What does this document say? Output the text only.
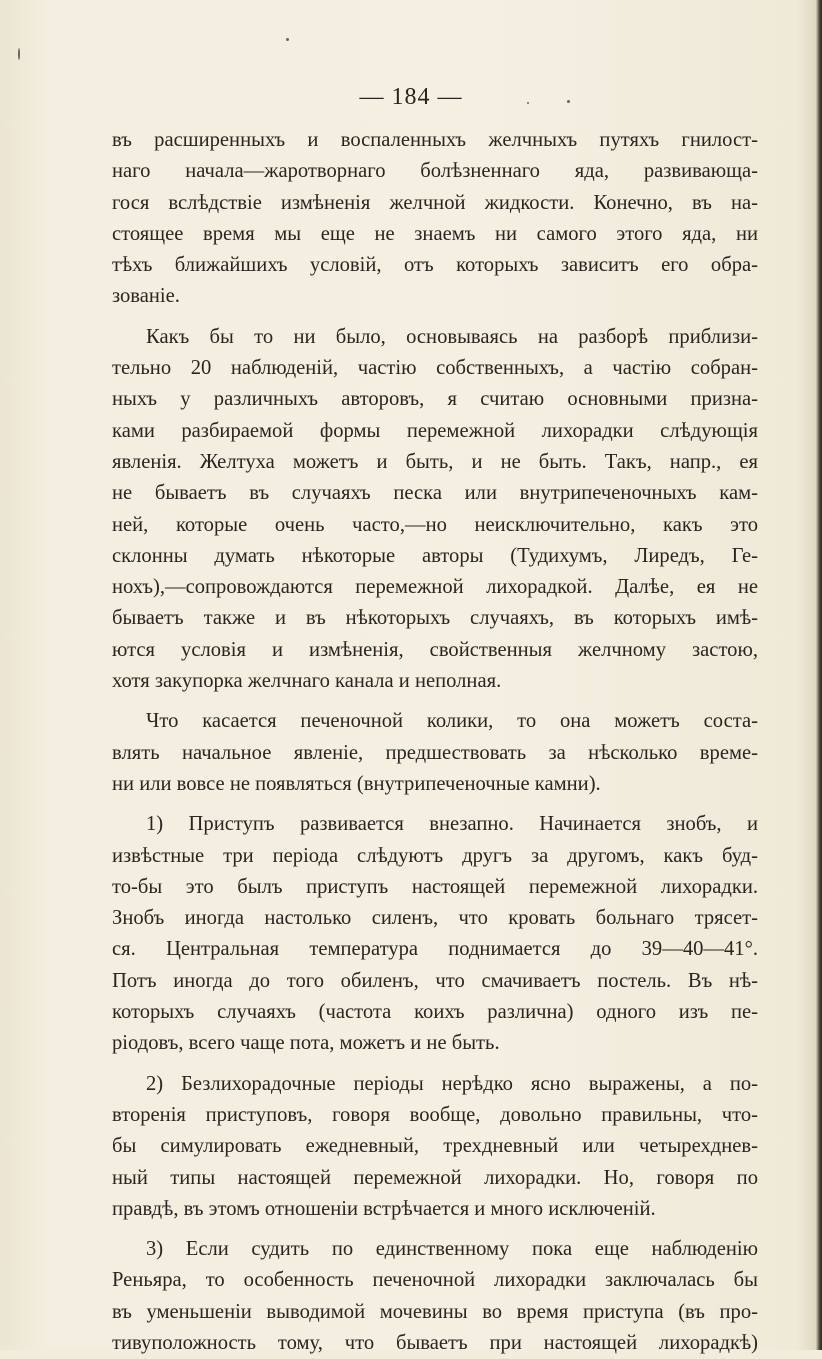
— 184 —
въ расширенныхъ и воспаленныхъ желчныхъ путяхъ гнилост-
наго начала—жаротворнаго болѣзненнаго яда, развивающа-
гося вслѣдствіе измѣненія желчной жидкости. Конечно, въ на-
стоящее время мы еще не знаемъ ни самого этого яда, ни
тѣхъ ближайшихъ условій, отъ которыхъ зависитъ его обра-
зованіе.
Какъ бы то ни было, основываясь на разборѣ приблизи-
тельно 20 наблюденій, частію собственныхъ, а частію собран-
ныхъ у различныхъ авторовъ, я считаю основными призна-
ками разбираемой формы перемежной лихорадки слѣдующія
явленія. Желтуха можетъ и быть, и не быть. Такъ, напр., ея
не бываетъ въ случаяхъ песка или внутрипеченочныхъ кам-
ней, которые очень часто,—но неисключительно, какъ это
склонны думать нѣкоторые авторы (Тудихумъ, Лиредъ, Ге-
нохъ),—сопровождаются перемежной лихорадкой. Далѣе, ея не
бываетъ также и въ нѣкоторыхъ случаяхъ, въ которыхъ имѣ-
ются условія и измѣненія, свойственныя желчному застою,
хотя закупорка желчнаго канала и неполная.
Что касается печеночной колики, то она можетъ соста-
влять начальное явленіе, предшествовать за нѣсколько време-
ни или вовсе не появляться (внутрипеченочные камни).
1) Приступъ развивается внезапно. Начинается знобъ, и
извѣстные три періода слѣдуютъ другъ за другомъ, какъ буд-
то-бы это былъ приступъ настоящей перемежной лихорадки.
Знобъ иногда настолько силенъ, что кровать больнаго трясет-
ся. Центральная температура поднимается до 39—40—41°.
Потъ иногда до того обиленъ, что смачиваетъ постель. Въ нѣ-
которыхъ случаяхъ (частота коихъ различна) одного изъ пе-
ріодовъ, всего чаще пота, можетъ и не быть.
2) Безлихорадочные періоды нерѣдко ясно выражены, а по-
вторенія приступовъ, говоря вообще, довольно правильны, что-
бы симулировать ежедневный, трехдневный или четырехднев-
ный типы настоящей перемежной лихорадки. Но, говоря по
правдѣ, въ этомъ отношеніи встрѣчается и много исключеній.
3) Если судить по единственному пока еще наблюденію
Реньяра, то особенность печеночной лихорадки заключалась бы
въ уменьшеніи выводимой мочевины во время приступа (въ про-
тивуположность тому, что бываетъ при настоящей лихорадкѣ)
